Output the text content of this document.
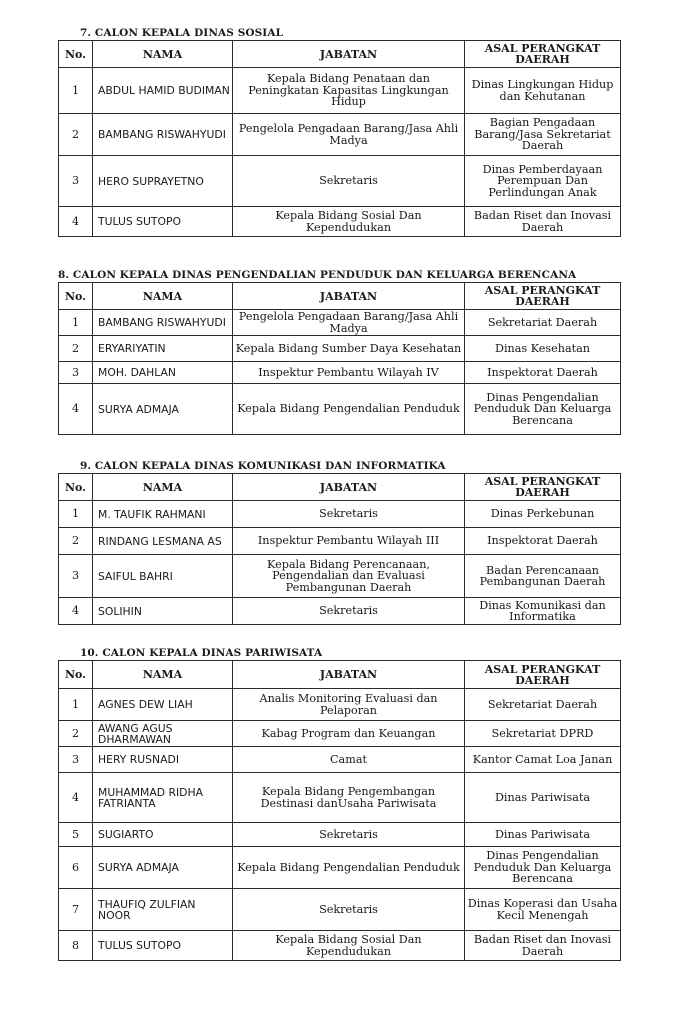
7. CALON KEPALA DINAS SOSIAL
No.	NAMA	JABATAN	ASAL PERANGKAT DAERAH
1	ABDUL HAMID BUDIMAN	Kepala Bidang Penataan dan Peningkatan Kapasitas Lingkungan Hidup	Dinas Lingkungan Hidup dan Kehutanan
2	BAMBANG RISWAHYUDI	Pengelola Pengadaan Barang/Jasa Ahli Madya	Bagian Pengadaan Barang/Jasa Sekretariat Daerah
3	HERO SUPRAYETNO	Sekretaris	Dinas Pemberdayaan Perempuan Dan Perlindungan Anak
4	TULUS SUTOPO	Kepala Bidang Sosial Dan Kependudukan	Badan Riset dan Inovasi Daerah
8. CALON KEPALA DINAS PENGENDALIAN PENDUDUK DAN KELUARGA BERENCANA
No.	NAMA	JABATAN	ASAL PERANGKAT DAERAH
1	BAMBANG RISWAHYUDI	Pengelola Pengadaan Barang/Jasa Ahli Madya	Sekretariat Daerah
2	ERYARIYATIN	Kepala Bidang Sumber Daya Kesehatan	Dinas Kesehatan
3	MOH. DAHLAN	Inspektur Pembantu Wilayah IV	Inspektorat Daerah
4	SURYA ADMAJA	Kepala Bidang Pengendalian Penduduk	Dinas Pengendalian Penduduk Dan Keluarga Berencana
9. CALON KEPALA DINAS KOMUNIKASI DAN INFORMATIKA
No.	NAMA	JABATAN	ASAL PERANGKAT DAERAH
1	M. TAUFIK RAHMANI	Sekretaris	Dinas Perkebunan
2	RINDANG LESMANA AS	Inspektur Pembantu Wilayah III	Inspektorat Daerah
3	SAIFUL BAHRI	Kepala Bidang Perencanaan, Pengendalian dan Evaluasi Pembangunan Daerah	Badan Perencanaan Pembangunan Daerah
4	SOLIHIN	Sekretaris	Dinas Komunikasi dan Informatika
10. CALON KEPALA DINAS PARIWISATA
No.	NAMA	JABATAN	ASAL PERANGKAT DAERAH
1	AGNES DEW LIAH	Analis Monitoring Evaluasi dan Pelaporan	Sekretariat Daerah
2	AWANG AGUS DHARMAWAN	Kabag Program dan Keuangan	Sekretariat DPRD
3	HERY RUSNADI	Camat	Kantor Camat Loa Janan
4	MUHAMMAD RIDHA FATRIANTA	Kepala Bidang Pengembangan Destinasi danUsaha Pariwisata	Dinas Pariwisata
5	SUGIARTO	Sekretaris	Dinas Pariwisata
6	SURYA ADMAJA	Kepala Bidang Pengendalian Penduduk	Dinas Pengendalian Penduduk Dan Keluarga Berencana
7	THAUFIQ ZULFIAN NOOR	Sekretaris	Dinas Koperasi dan Usaha Kecil Menengah
8	TULUS SUTOPO	Kepala Bidang Sosial Dan Kependudukan	Badan Riset dan Inovasi Daerah
